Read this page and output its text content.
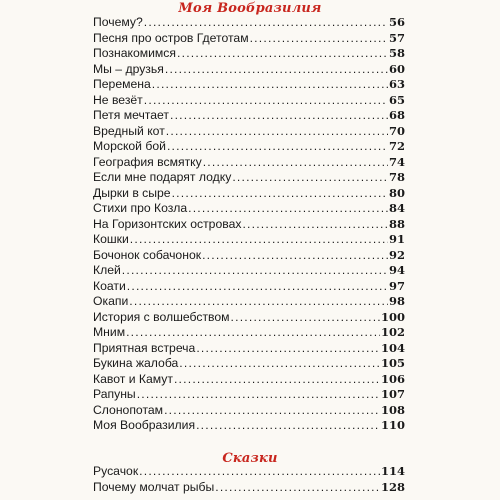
Моя Вообразилия
Почему? .....	56
Песня про остров Гдетотам .....	57
Познакомимся .....	58
Мы – друзья .....	60
Перемена .....	63
Не везёт .....	65
Петя мечтает .....	68
Вредный кот .....	70
Морской бой .....	72
География всмятку .....	74
Если мне подарят лодку .....	78
Дырки в сыре .....	80
Стихи про Козла .....	84
На Горизонтских островах .....	88
Кошки .....	91
Бочонок собачонок .....	92
Клей .....	94
Коати .....	97
Окапи .....	98
История с волшебством .....	100
Мним .....	102
Приятная встреча .....	104
Букина жалоба .....	105
Кавот и Камут .....	106
Рапуны .....	107
Слонопотам .....	108
Моя Вообразилия .....	110
Сказки
Русачок .....	114
Почему молчат рыбы .....	128
